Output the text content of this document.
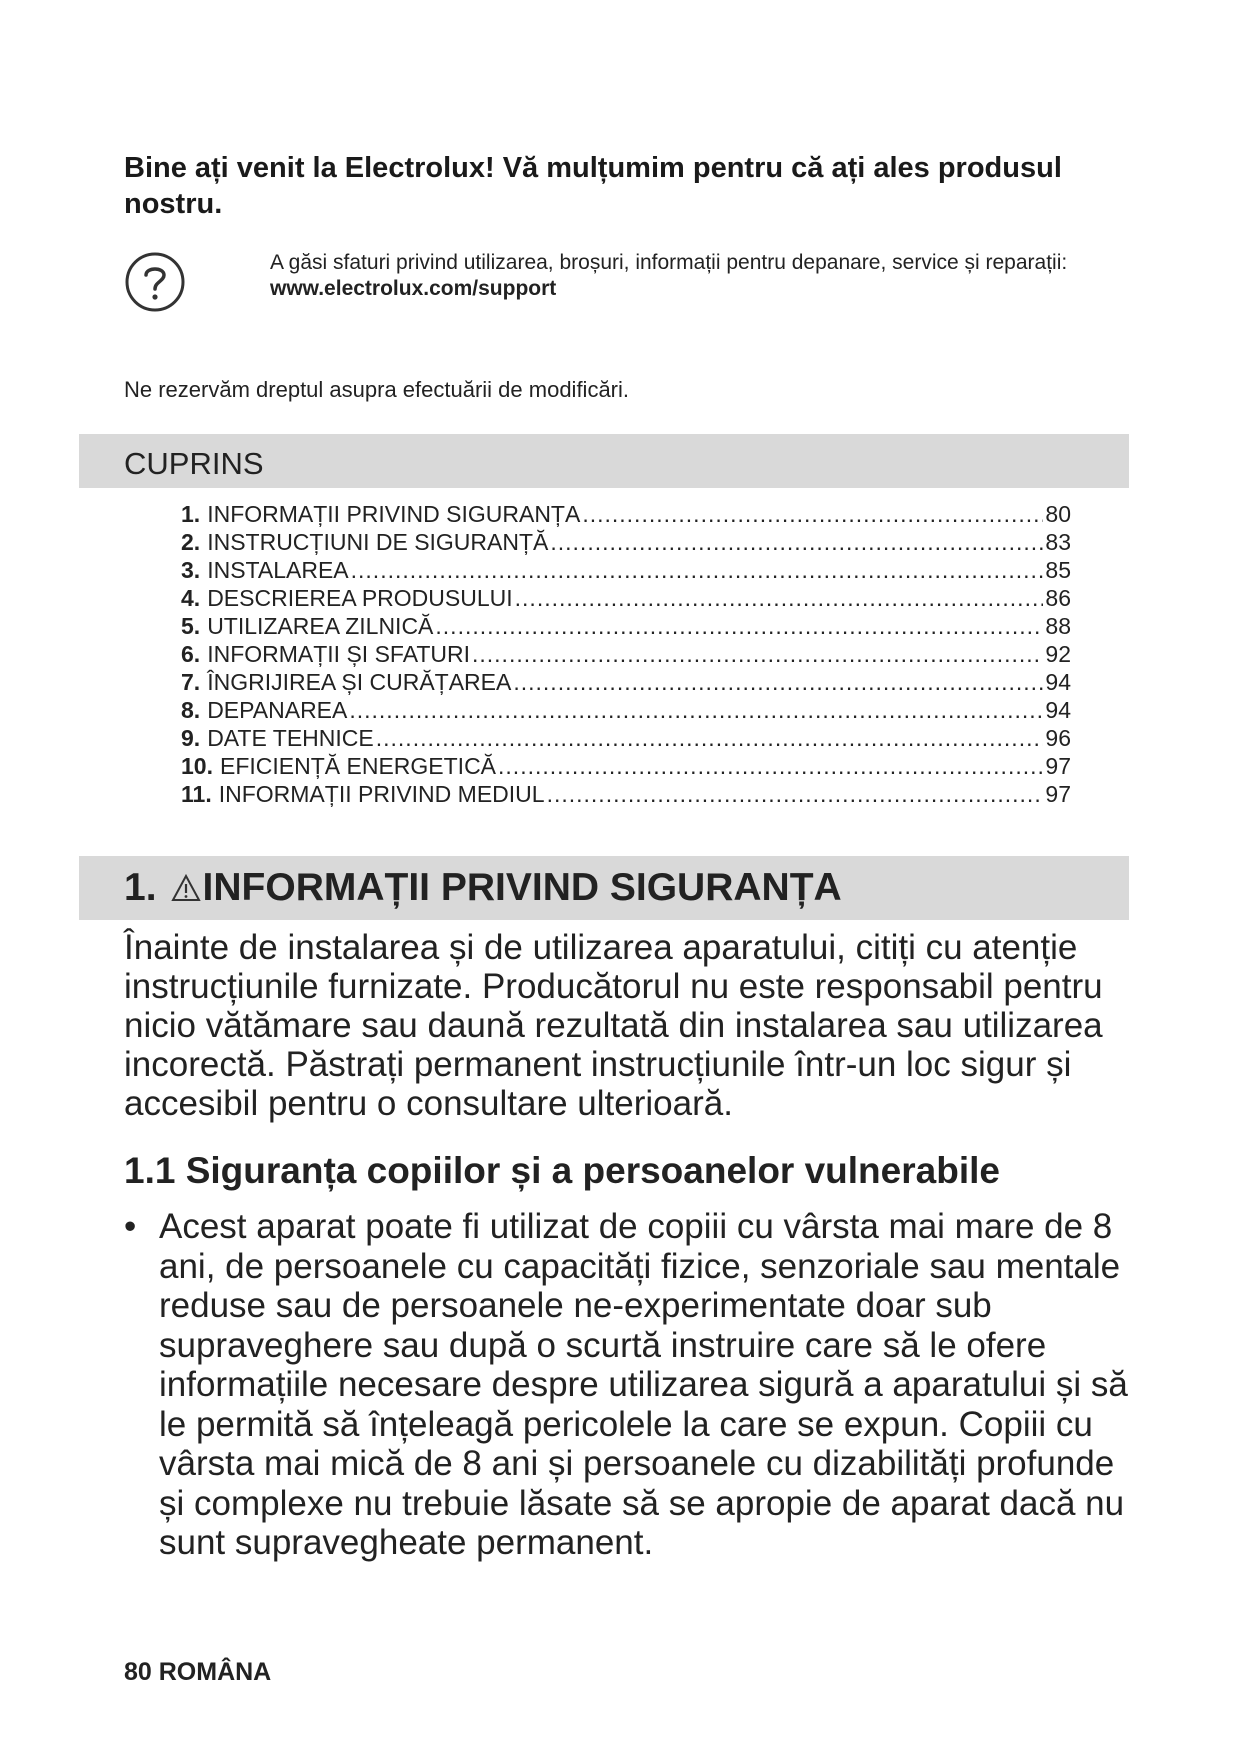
Bine ați venit la Electrolux! Vă mulțumim pentru că ați ales produsul nostru.
A găsi sfaturi privind utilizarea, broșuri, informații pentru depanare, service și reparații:
www.electrolux.com/support
Ne rezervăm dreptul asupra efectuării de modificări.
CUPRINS
1. INFORMAȚII PRIVIND SIGURANȚA .....	80
2. INSTRUCȚIUNI DE SIGURANȚĂ .....	83
3. INSTALAREA .....	85
4. DESCRIEREA PRODUSULUI .....	86
5. UTILIZAREA ZILNICĂ .....	88
6. INFORMAȚII ȘI SFATURI .....	92
7. ÎNGRIJIREA ȘI CURĂȚAREA .....	94
8. DEPANAREA .....	94
9. DATE TEHNICE .....	96
10. EFICIENȚĂ ENERGETICĂ .....	97
11. INFORMAȚII PRIVIND MEDIUL .....	97
1. INFORMAȚII PRIVIND SIGURANȚA

Înainte de instalarea și de utilizarea aparatului, citiți cu atenție instrucțiunile furnizate. Producătorul nu este responsabil pentru nicio vătămare sau daună rezultată din instalarea sau utilizarea incorectă. Păstrați permanent instrucțiunile într-un loc sigur și accesibil pentru o consultare ulterioară.

1.1 Siguranța copiilor și a persoanelor vulnerabile
• Acest aparat poate fi utilizat de copiii cu vârsta mai mare de 8 ani, de persoanele cu capacități fizice, senzoriale sau mentale reduse sau de persoanele ne-experimentate doar sub supraveghere sau după o scurtă instruire care să le ofere informațiile necesare despre utilizarea sigură a aparatului și să le permită să înțeleagă pericolele la care se expun. Copiii cu vârsta mai mică de 8 ani și persoanele cu dizabilități profunde și complexe nu trebuie lăsate să se apropie de aparat dacă nu sunt supravegheate permanent.
80 ROMÂNA
